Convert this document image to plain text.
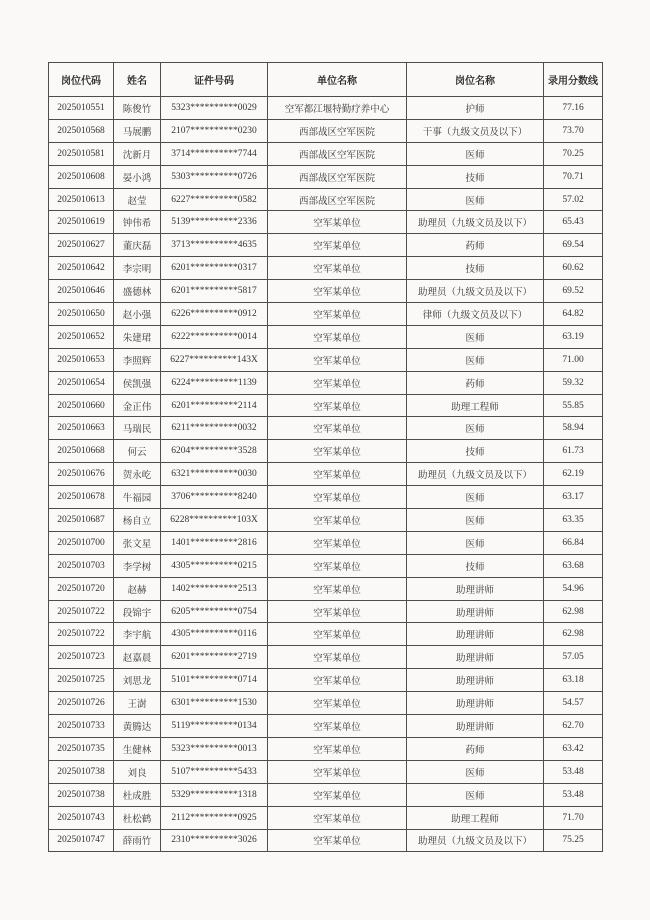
岗位代码	姓名	证件号码	单位名称	岗位名称	录用分数线
2025010551	陈俊竹	5323**********0029	空军都江堰特勤疗养中心	护师	77.16
2025010568	马展鹏	2107**********0230	西部战区空军医院	干事（九级文员及以下）	73.70
2025010581	沈新月	3714**********7744	西部战区空军医院	医师	70.25
2025010608	晏小鸿	5303**********0726	西部战区空军医院	技师	70.71
2025010613	赵莹	6227**********0582	西部战区空军医院	医师	57.02
2025010619	钟伟希	5139**********2336	空军某单位	助理员（九级文员及以下）	65.43
2025010627	董庆磊	3713**********4635	空军某单位	药师	69.54
2025010642	李宗明	6201**********0317	空军某单位	技师	60.62
2025010646	盛德林	6201**********5817	空军某单位	助理员（九级文员及以下）	69.52
2025010650	赵小强	6226**********0912	空军某单位	律师（九级文员及以下）	64.82
2025010652	朱建珺	6222**********0014	空军某单位	医师	63.19
2025010653	李照辉	6227**********143X	空军某单位	医师	71.00
2025010654	侯凯强	6224**********1139	空军某单位	药师	59.32
2025010660	金正伟	6201**********2114	空军某单位	助理工程师	55.85
2025010663	马瑞民	6211**********0032	空军某单位	医师	58.94
2025010668	何云	6204**********3528	空军某单位	技师	61.73
2025010676	贺永屹	6321**********0030	空军某单位	助理员（九级文员及以下）	62.19
2025010678	牛福园	3706**********8240	空军某单位	医师	63.17
2025010687	杨自立	6228**********103X	空军某单位	医师	63.35
2025010700	张文星	1401**********2816	空军某单位	医师	66.84
2025010703	李学树	4305**********0215	空军某单位	技师	63.68
2025010720	赵赫	1402**********2513	空军某单位	助理讲师	54.96
2025010722	段锦宇	6205**********0754	空军某单位	助理讲师	62.98
2025010722	李宇航	4305**********0116	空军某单位	助理讲师	62.98
2025010723	赵嘉晨	6201**********2719	空军某单位	助理讲师	57.05
2025010725	刘思龙	5101**********0714	空军某单位	助理讲师	63.18
2025010726	王澍	6301**********1530	空军某单位	助理讲师	54.57
2025010733	黄腾达	5119**********0134	空军某单位	助理讲师	62.70
2025010735	生健林	5323**********0013	空军某单位	药师	63.42
2025010738	刘良	5107**********5433	空军某单位	医师	53.48
2025010738	杜成胜	5329**********1318	空军某单位	医师	53.48
2025010743	杜松鹤	2112**********0925	空军某单位	助理工程师	71.70
2025010747	薛雨竹	2310**********3026	空军某单位	助理员（九级文员及以下）	75.25
